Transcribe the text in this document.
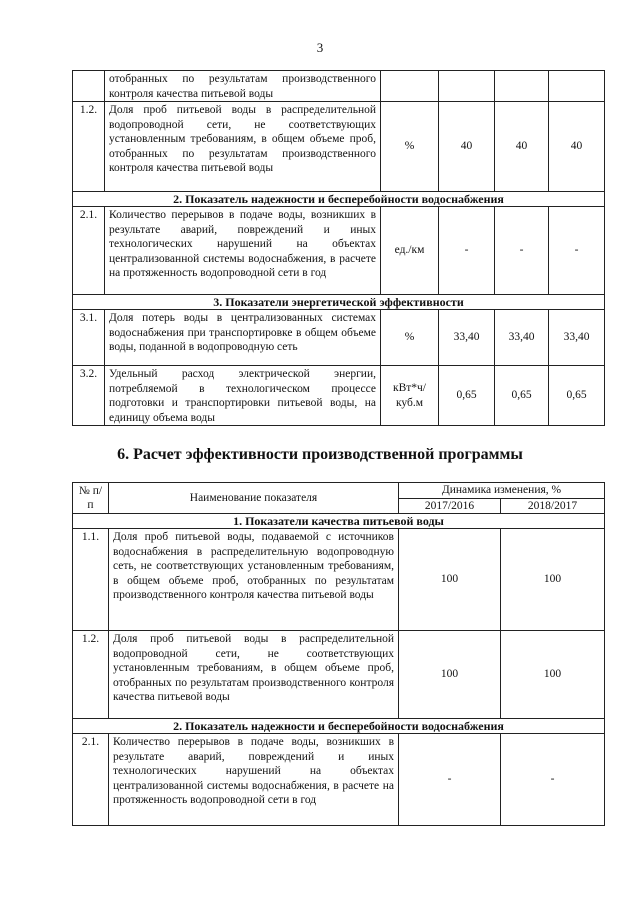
3
	отобранных по результатам производственного контроля качества питьевой воды				
1.2.	Доля проб питьевой воды в распределительной водопроводной сети, не соответствующих установленным требованиям, в общем объеме проб, отобранных по результатам производственного контроля качества питьевой воды	%	40	40	40
2. Показатель надежности и бесперебойности водоснабжения					
2.1.	Количество перерывов в подаче воды, возникших в результате аварий, повреждений и иных технологических нарушений на объектах централизованной системы водоснабжения, в расчете на протяженность водопроводной сети в год	ед./км	-	-	-
3. Показатели энергетической эффективности					
3.1.	Доля потерь воды в централизованных системах водоснабжения при транспортировке в общем объеме воды, поданной в водопроводную сеть	%	33,40	33,40	33,40
3.2.	Удельный расход электрической энергии, потребляемой в технологическом процессе подготовки и транспортировки питьевой воды, на единицу объема воды	кВт*ч/куб.м	0,65	0,65	0,65
6. Расчет эффективности производственной программы
№ п/п	Наименование показателя	Динамика изменения, %	
		2017/2016	2018/2017
1. Показатели качества питьевой воды			
1.1.	Доля проб питьевой воды, подаваемой с источников водоснабжения в распределительную водопроводную сеть, не соответствующих установленным требованиям, в общем объеме проб, отобранных по результатам производственного контроля качества питьевой воды	100	100
1.2.	Доля проб питьевой воды в распределительной водопроводной сети, не соответствующих установленным требованиям, в общем объеме проб, отобранных по результатам производственного контроля качества питьевой воды	100	100
2. Показатель надежности и бесперебойности водоснабжения			
2.1.	Количество перерывов в подаче воды, возникших в результате аварий, повреждений и иных технологических нарушений на объектах централизованной системы водоснабжения, в расчете на протяженность водопроводной сети в год	-	-
